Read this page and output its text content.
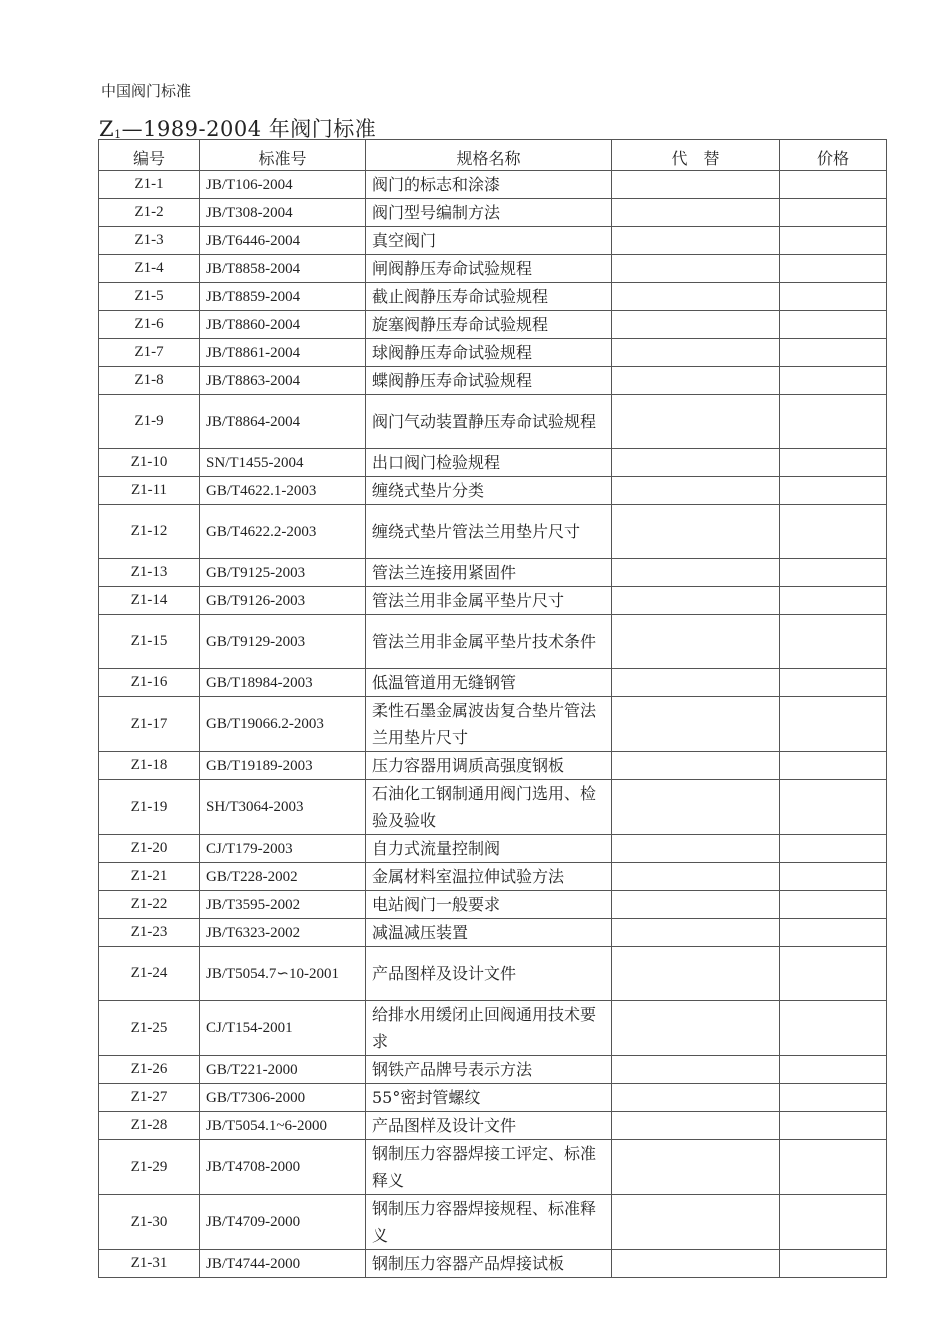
中国阀门标准
$Z_1—1989-2004$ 年阀门标准
编号	标准号	规格名称	代　替	价格
Z1-1	JB/T106-2004	阀门的标志和涂漆		
Z1-2	JB/T308-2004	阀门型号编制方法		
Z1-3	JB/T6446-2004	真空阀门		
Z1-4	JB/T8858-2004	闸阀静压寿命试验规程		
Z1-5	JB/T8859-2004	截止阀静压寿命试验规程		
Z1-6	JB/T8860-2004	旋塞阀静压寿命试验规程		
Z1-7	JB/T8861-2004	球阀静压寿命试验规程		
Z1-8	JB/T8863-2004	蝶阀静压寿命试验规程		
Z1-9	JB/T8864-2004	阀门气动装置静压寿命试验规程		
Z1-10	SN/T1455-2004	出口阀门检验规程		
Z1-11	GB/T4622.1-2003	缠绕式垫片分类		
Z1-12	GB/T4622.2-2003	缠绕式垫片管法兰用垫片尺寸		
Z1-13	GB/T9125-2003	管法兰连接用紧固件		
Z1-14	GB/T9126-2003	管法兰用非金属平垫片尺寸		
Z1-15	GB/T9129-2003	管法兰用非金属平垫片技术条件		
Z1-16	GB/T18984-2003	低温管道用无缝钢管		
Z1-17	GB/T19066.2-2003	柔性石墨金属波齿复合垫片管法兰用垫片尺寸		
Z1-18	GB/T19189-2003	压力容器用调质高强度钢板		
Z1-19	SH/T3064-2003	石油化工钢制通用阀门选用、检验及验收		
Z1-20	CJ/T179-2003	自力式流量控制阀		
Z1-21	GB/T228-2002	金属材料室温拉伸试验方法		
Z1-22	JB/T3595-2002	电站阀门一般要求		
Z1-23	JB/T6323-2002	减温减压装置		
Z1-24	JB/T5054.7∽10-2001	产品图样及设计文件		
Z1-25	CJ/T154-2001	给排水用缓闭止回阀通用技术要求		
Z1-26	GB/T221-2000	钢铁产品牌号表示方法		
Z1-27	GB/T7306-2000	55°密封管螺纹		
Z1-28	JB/T5054.1~6-2000	产品图样及设计文件		
Z1-29	JB/T4708-2000	钢制压力容器焊接工评定、标准释义		
Z1-30	JB/T4709-2000	钢制压力容器焊接规程、标准释义		
Z1-31	JB/T4744-2000	钢制压力容器产品焊接试板		
